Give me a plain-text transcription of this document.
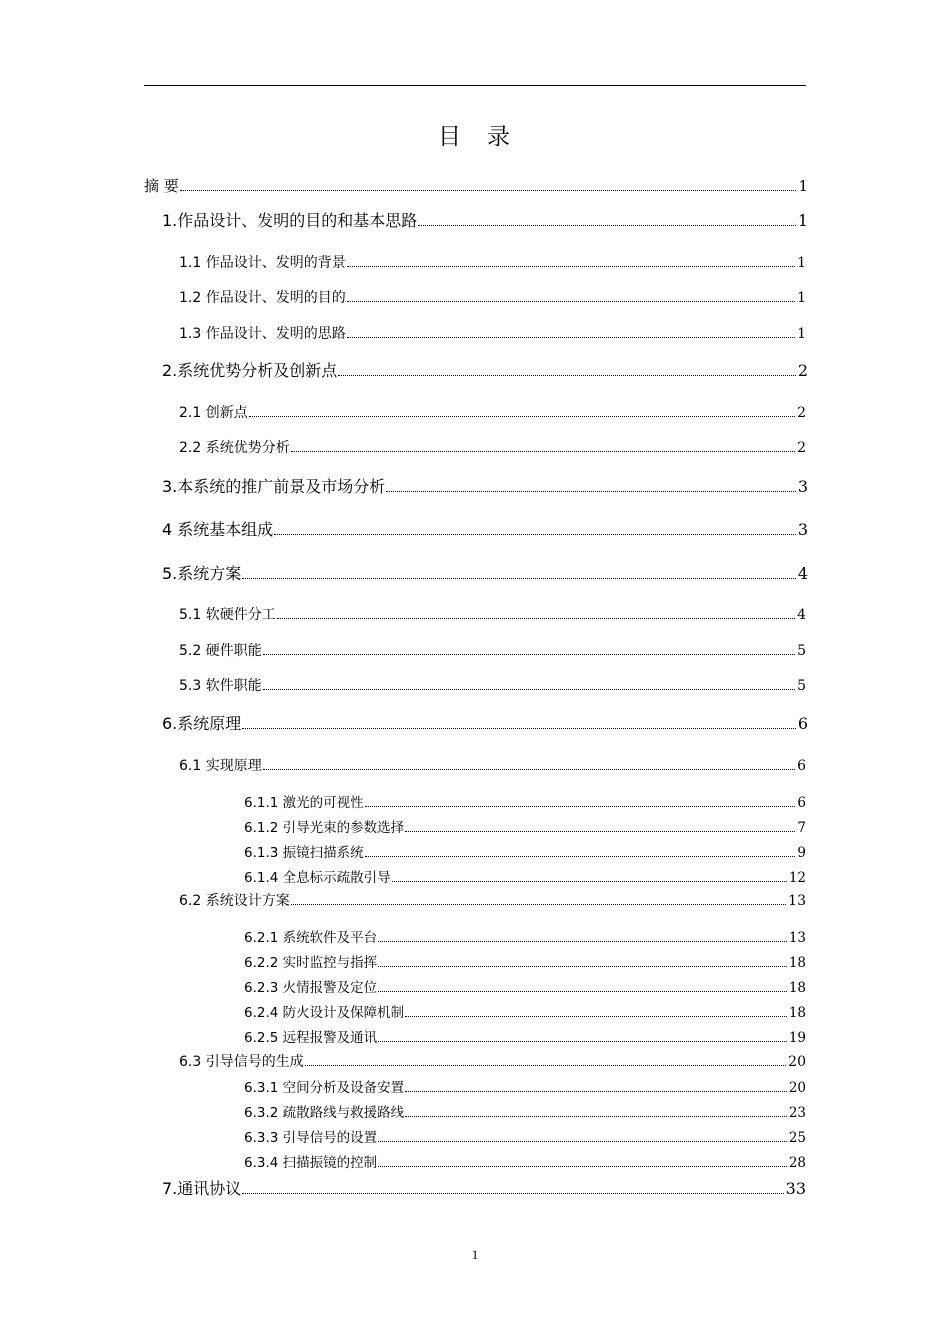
目 录
摘 要	1
1.作品设计、发明的目的和基本思路	1
1.1 作品设计、发明的背景	1
1.2 作品设计、发明的目的	1
1.3 作品设计、发明的思路	1
2.系统优势分析及创新点	2
2.1 创新点	2
2.2 系统优势分析	2
3.本系统的推广前景及市场分析	3
4 系统基本组成	3
5.系统方案	4
5.1 软硬件分工	4
5.2 硬件职能	5
5.3 软件职能	5
6.系统原理	6
6.1 实现原理	6
6.1.1 激光的可视性	6
6.1.2 引导光束的参数选择	7
6.1.3 振镜扫描系统	9
6.1.4 全息标示疏散引导	12
6.2 系统设计方案	13
6.2.1 系统软件及平台	13
6.2.2 实时监控与指挥	18
6.2.3 火情报警及定位	18
6.2.4 防火设计及保障机制	18
6.2.5 远程报警及通讯	19
6.3 引导信号的生成	20
6.3.1 空间分析及设备安置	20
6.3.2 疏散路线与救援路线	23
6.3.3 引导信号的设置	25
6.3.4 扫描振镜的控制	28
7.通讯协议	33
1
